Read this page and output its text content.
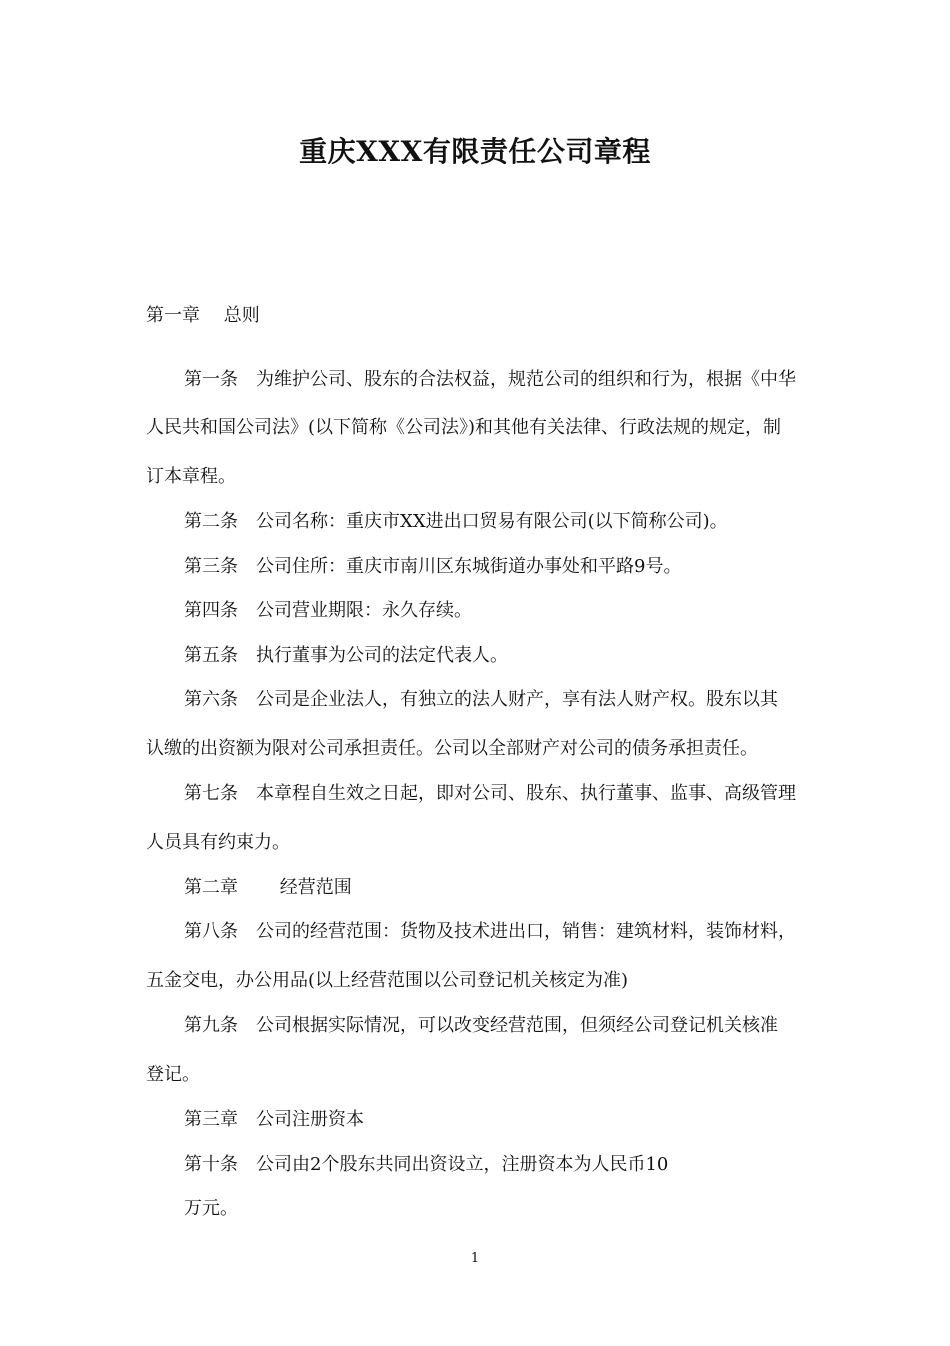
重庆XXX有限责任公司章程

第一章　 总则

第一条　为维护公司、股东的合法权益，规范公司的组织和行为，根据《中华

人民共和国公司法》(以下简称《公司法》)和其他有关法律、行政法规的规定，制

订本章程。

第二条　公司名称：重庆市XX进出口贸易有限公司(以下简称公司)。

第三条　公司住所：重庆市南川区东城街道办事处和平路9号。

第四条　公司营业期限：永久存续。

第五条　执行董事为公司的法定代表人。

第六条　公司是企业法人，有独立的法人财产，享有法人财产权。股东以其

认缴的出资额为限对公司承担责任。公司以全部财产对公司的债务承担责任。

第七条　本章程自生效之日起，即对公司、股东、执行董事、监事、高级管理

人员具有约束力。

第二章　　 经营范围

第八条　公司的经营范围：货物及技术进出口，销售：建筑材料，装饰材料，

五金交电，办公用品(以上经营范围以公司登记机关核定为准)

第九条　公司根据实际情况，可以改变经营范围，但须经公司登记机关核准

登记。

第三章　公司注册资本

第十条　公司由2个股东共同出资设立，注册资本为人民币10

万元。

1
